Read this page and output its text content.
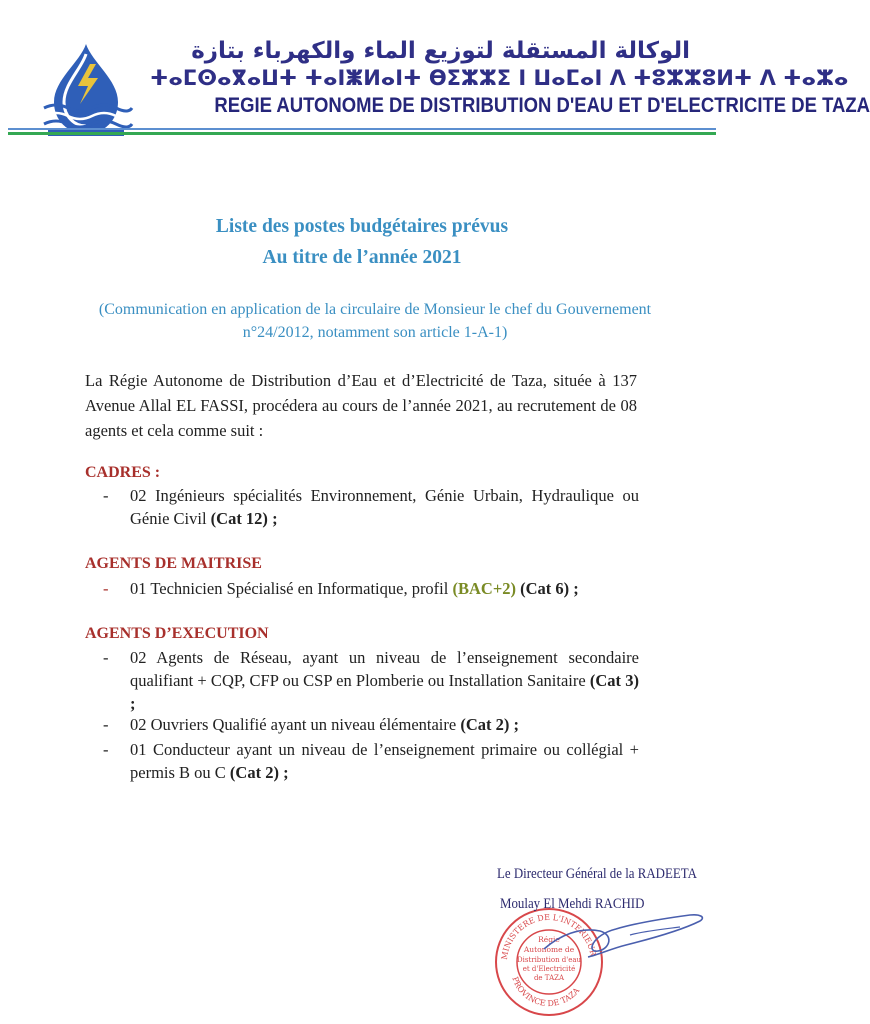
الوكالة المستقلة لتوزيع الماء والكهرباء بتازة
ⵜⴰⵎⵙⴰⴳⴰⵡⵜ ⵜⴰⵏⵥⵍⴰⵏⵜ Ɵⵉⵣⵣⵉ ⵏ ⵡⴰⵎⴰⵏ ⴷ ⵜⵓⵣⵣⵓⵍⵜ ⴷ ⵜⴰⵣⴰ
REGIE AUTONOME DE DISTRIBUTION D'EAU ET D'ELECTRICITE DE TAZA
Liste des postes budgétaires prévus
Au titre de l’année 2021
(Communication en application de la circulaire de Monsieur le chef du Gouvernement n°24/2012, notamment son article 1-A-1)
La Régie Autonome de Distribution d’Eau et d’Electricité de Taza, située à 137 Avenue Allal EL FASSI, procédera au cours de l’année 2021, au recrutement de 08 agents et cela comme suit :
CADRES :
- 02 Ingénieurs spécialités Environnement, Génie Urbain, Hydraulique ou Génie Civil (Cat 12) ;
AGENTS DE MAITRISE
- 01 Technicien Spécialisé en Informatique, profil (BAC+2) (Cat 6) ;
AGENTS D’EXECUTION
- 02 Agents de Réseau, ayant un niveau de l’enseignement secondaire qualifiant + CQP, CFP ou CSP en Plomberie ou Installation Sanitaire (Cat 3) ;
- 02 Ouvriers Qualifié ayant un niveau élémentaire (Cat 2) ;
- 01 Conducteur ayant un niveau de l’enseignement primaire ou collégial + permis B ou C (Cat 2) ;
Le Directeur Général de la RADEETA
MINISTERE DE L'INTERIEUR
PROVINCE DE TAZA
Régie
Autonome de
Distribution d'eau
et d'Electricité
de TAZA
Moulay El Mehdi RACHID
